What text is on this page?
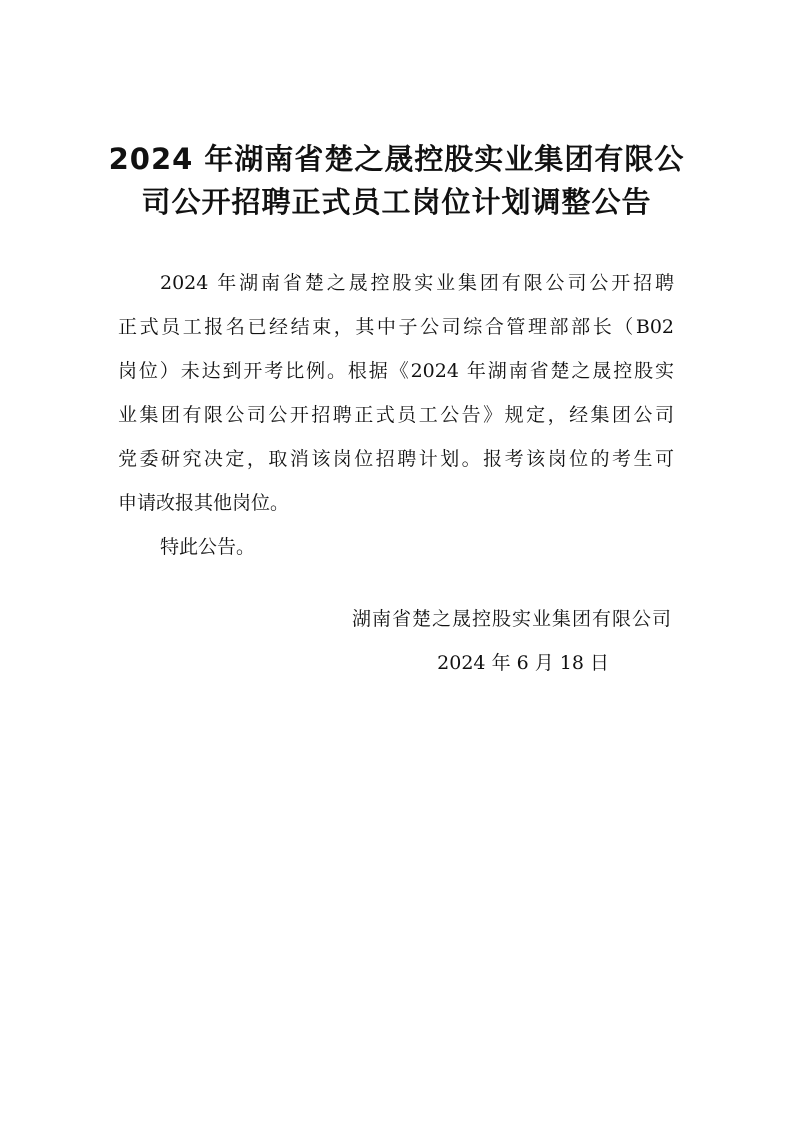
2024 年湖南省楚之晟控股实业集团有限公
司公开招聘正式员工岗位计划调整公告
2024 年湖南省楚之晟控股实业集团有限公司公开招聘
正式员工报名已经结束，其中子公司综合管理部部长（B02
岗位）未达到开考比例。根据《2024 年湖南省楚之晟控股实
业集团有限公司公开招聘正式员工公告》规定，经集团公司
党委研究决定，取消该岗位招聘计划。报考该岗位的考生可
申请改报其他岗位。
特此公告。
湖南省楚之晟控股实业集团有限公司
2024 年 6 月 18 日
